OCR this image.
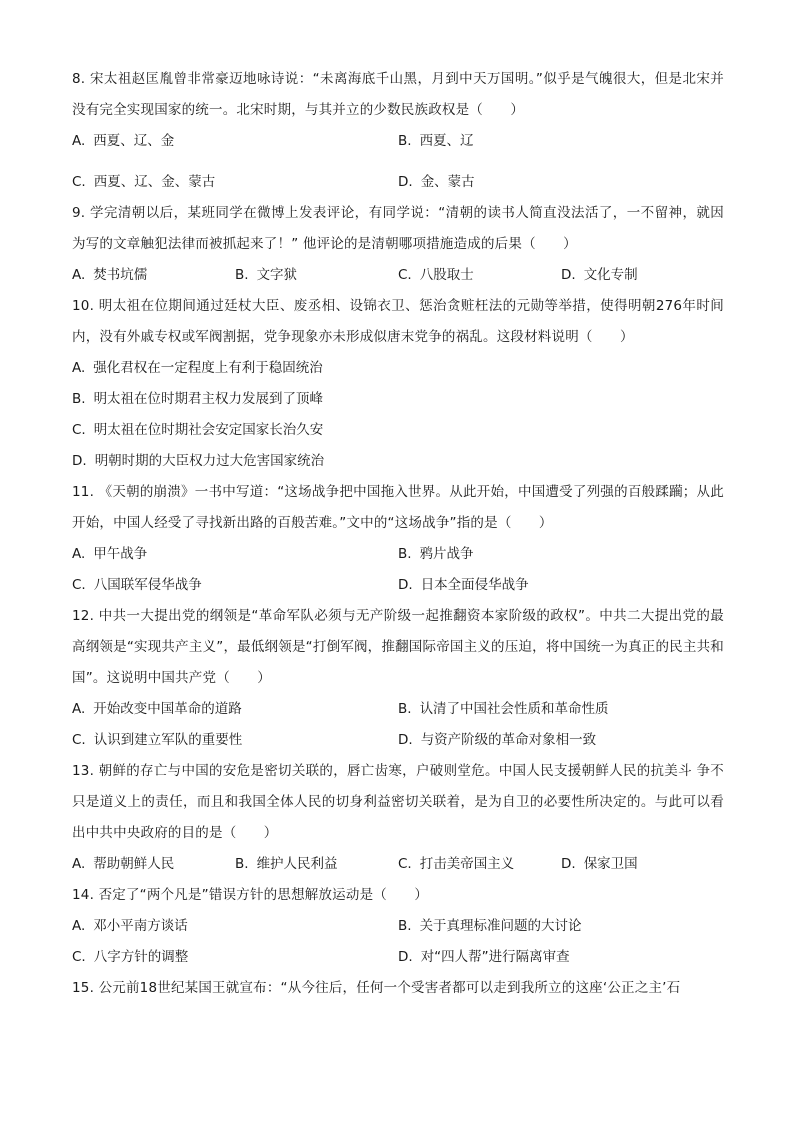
8. 宋太祖赵匡胤曾非常豪迈地咏诗说：“未离海底千山黑，月到中天万国明。”似乎是气魄很大，但是北宋并没有完全实现国家的统一。北宋时期，与其并立的少数民族政权是（　　）

A. 西夏、辽、金	B. 西夏、辽
C. 西夏、辽、金、蒙古	D. 金、蒙古

9. 学完清朝以后，某班同学在微博上发表评论，有同学说：“清朝的读书人简直没法活了，一不留神，就因为写的文章触犯法律而被抓起来了！” 他评论的是清朝哪项措施造成的后果（　　）

A. 焚书坑儒	B. 文字狱	C. 八股取士	D. 文化专制

10. 明太祖在位期间通过廷杖大臣、废丞相、设锦衣卫、惩治贪赃枉法的元勋等举措，使得明朝276年时间内，没有外戚专权或军阀割据，党争现象亦未形成似唐末党争的祸乱。这段材料说明（　　）

A. 强化君权在一定程度上有利于稳固统治
B. 明太祖在位时期君主权力发展到了顶峰
C. 明太祖在位时期社会安定国家长治久安
D. 明朝时期的大臣权力过大危害国家统治

11. 《天朝的崩溃》一书中写道：“这场战争把中国拖入世界。从此开始，中国遭受了列强的百般蹂躏；从此开始，中国人经受了寻找新出路的百般苦难。”文中的“这场战争”指的是（　　）

A. 甲午战争	B. 鸦片战争
C. 八国联军侵华战争	D. 日本全面侵华战争

12. 中共一大提出党的纲领是“革命军队必须与无产阶级一起推翻资本家阶级的政权”。中共二大提出党的最高纲领是“实现共产主义”，最低纲领是“打倒军阀，推翻国际帝国主义的压迫，将中国统一为真正的民主共和国”。这说明中国共产党（　　）

A. 开始改变中国革命的道路	B. 认清了中国社会性质和革命性质
C. 认识到建立军队的重要性	D. 与资产阶级的革命对象相一致

13. 朝鲜的存亡与中国的安危是密切关联的，唇亡齿寒，户破则堂危。中国人民支援朝鲜人民的抗美斗 争不只是道义上的责任，而且和我国全体人民的切身利益密切关联着，是为自卫的必要性所决定的。与此可以看出中共中央政府的目的是（　　）

A. 帮助朝鲜人民	B. 维护人民利益	C. 打击美帝国主义	D. 保家卫国

14. 否定了“两个凡是”错误方针的思想解放运动是（　　）

A. 邓小平南方谈话	B. 关于真理标准问题的大讨论
C. 八字方针的调整	D. 对“四人帮”进行隔离审查

15. 公元前18世纪某国王就宣布：“从今往后，任何一个受害者都可以走到我所立的这座‘公正之主’石
